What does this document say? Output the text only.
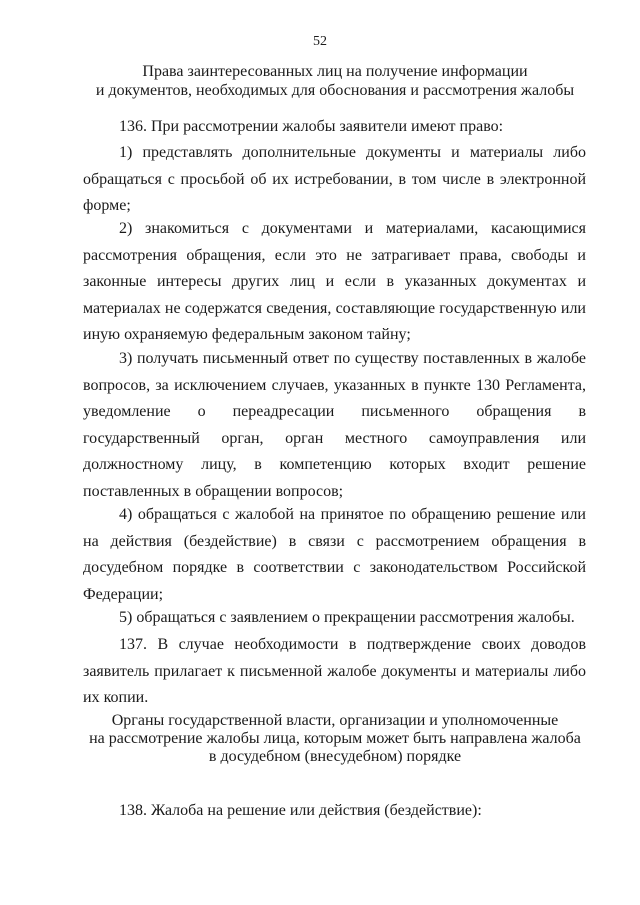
52
Права заинтересованных лиц на получение информации
и документов, необходимых для обоснования и рассмотрения жалобы

136. При рассмотрении жалобы заявители имеют право:

1) представлять дополнительные документы и материалы либо обращаться с просьбой об их истребовании, в том числе в электронной форме;

2) знакомиться с документами и материалами, касающимися рассмотрения обращения, если это не затрагивает права, свободы и законные интересы других лиц и если в указанных документах и материалах не содержатся сведения, составляющие государственную или иную охраняемую федеральным законом тайну;

3) получать письменный ответ по существу поставленных в жалобе вопросов, за исключением случаев, указанных в пункте 130 Регламента, уведомление о переадресации письменного обращения в государственный орган, орган местного самоуправления или должностному лицу, в компетенцию которых входит решение поставленных в обращении вопросов;

4) обращаться с жалобой на принятое по обращению решение или на действия (бездействие) в связи с рассмотрением обращения в досудебном порядке в соответствии с законодательством Российской Федерации;

5) обращаться с заявлением о прекращении рассмотрения жалобы.

137. В случае необходимости в подтверждение своих доводов заявитель прилагает к письменной жалобе документы и материалы либо их копии.

Органы государственной власти, организации и уполномоченные
на рассмотрение жалобы лица, которым может быть направлена жалоба
в досудебном (внесудебном) порядке

138. Жалоба на решение или действия (бездействие):
